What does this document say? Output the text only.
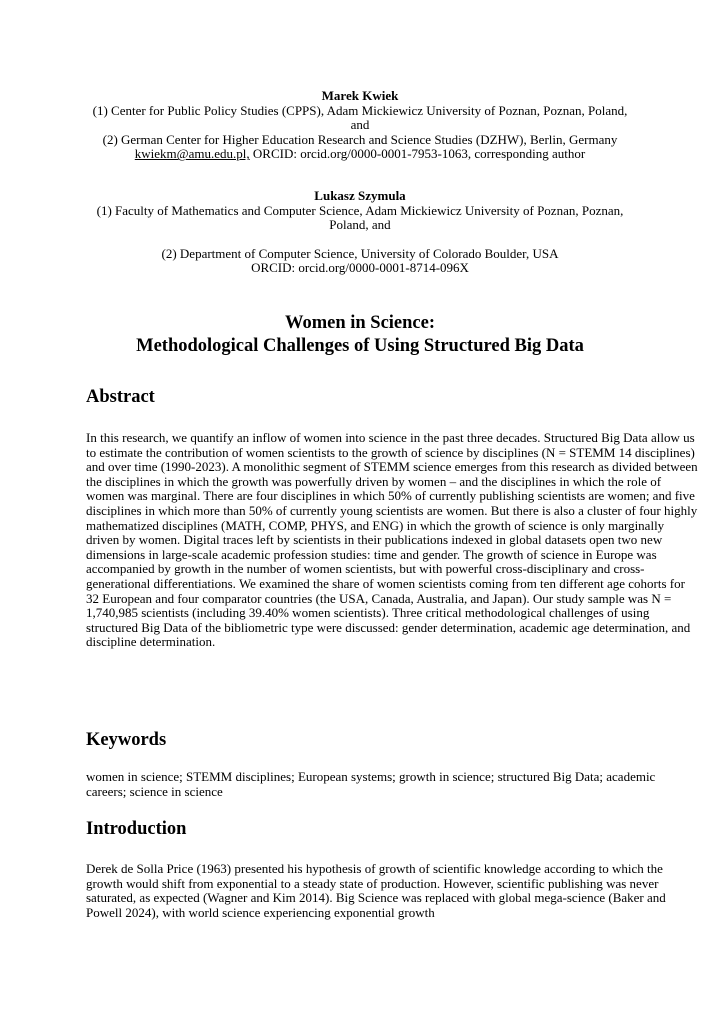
Marek Kwiek
(1) Center for Public Policy Studies (CPPS), Adam Mickiewicz University of Poznan, Poznan, Poland, and
(2) German Center for Higher Education Research and Science Studies (DZHW), Berlin, Germany
kwiekm@amu.edu.pl, ORCID: orcid.org/0000-0001-7953-1063, corresponding author
Lukasz Szymula
(1) Faculty of Mathematics and Computer Science, Adam Mickiewicz University of Poznan, Poznan, Poland, and
(2) Department of Computer Science, University of Colorado Boulder, USA
ORCID: orcid.org/0000-0001-8714-096X
Women in Science:
Methodological Challenges of Using Structured Big Data
Abstract

In this research, we quantify an inflow of women into science in the past three decades. Structured Big Data allow us to estimate the contribution of women scientists to the growth of science by disciplines (N = STEMM 14 disciplines) and over time (1990-2023). A monolithic segment of STEMM science emerges from this research as divided between the disciplines in which the growth was powerfully driven by women – and the disciplines in which the role of women was marginal. There are four disciplines in which 50% of currently publishing scientists are women; and five disciplines in which more than 50% of currently young scientists are women. But there is also a cluster of four highly mathematized disciplines (MATH, COMP, PHYS, and ENG) in which the growth of science is only marginally driven by women. Digital traces left by scientists in their publications indexed in global datasets open two new dimensions in large-scale academic profession studies: time and gender. The growth of science in Europe was accompanied by growth in the number of women scientists, but with powerful cross-disciplinary and cross-generational differentiations. We examined the share of women scientists coming from ten different age cohorts for 32 European and four comparator countries (the USA, Canada, Australia, and Japan). Our study sample was N = 1,740,985 scientists (including 39.40% women scientists). Three critical methodological challenges of using structured Big Data of the bibliometric type were discussed: gender determination, academic age determination, and discipline determination.

Keywords

women in science; STEMM disciplines; European systems; growth in science; structured Big Data; academic careers; science in science

Introduction

Derek de Solla Price (1963) presented his hypothesis of growth of scientific knowledge according to which the growth would shift from exponential to a steady state of production. However, scientific publishing was never saturated, as expected (Wagner and Kim 2014). Big Science was replaced with global mega-science (Baker and Powell 2024), with world science experiencing exponential growth
